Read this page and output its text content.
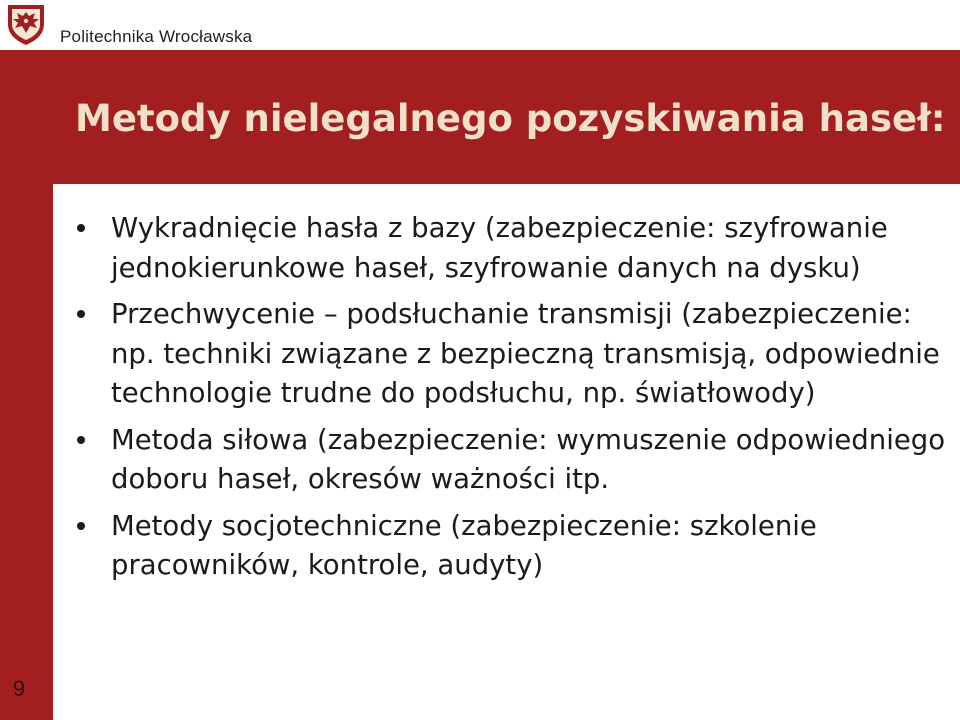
Politechnika Wrocławska
Metody nielegalnego pozyskiwania haseł:
Wykradnięcie hasła z bazy (zabezpieczenie: szyfrowanie jednokierunkowe haseł, szyfrowanie danych na dysku)
Przechwycenie – podsłuchanie transmisji (zabezpieczenie: np. techniki związane z bezpieczną transmisją, odpowiednie technologie trudne do podsłuchu, np. światłowody)
Metoda siłowa (zabezpieczenie: wymuszenie odpowiedniego doboru haseł, okresów ważności itp.
Metody socjotechniczne (zabezpieczenie: szkolenie pracowników, kontrole, audyty)
9
